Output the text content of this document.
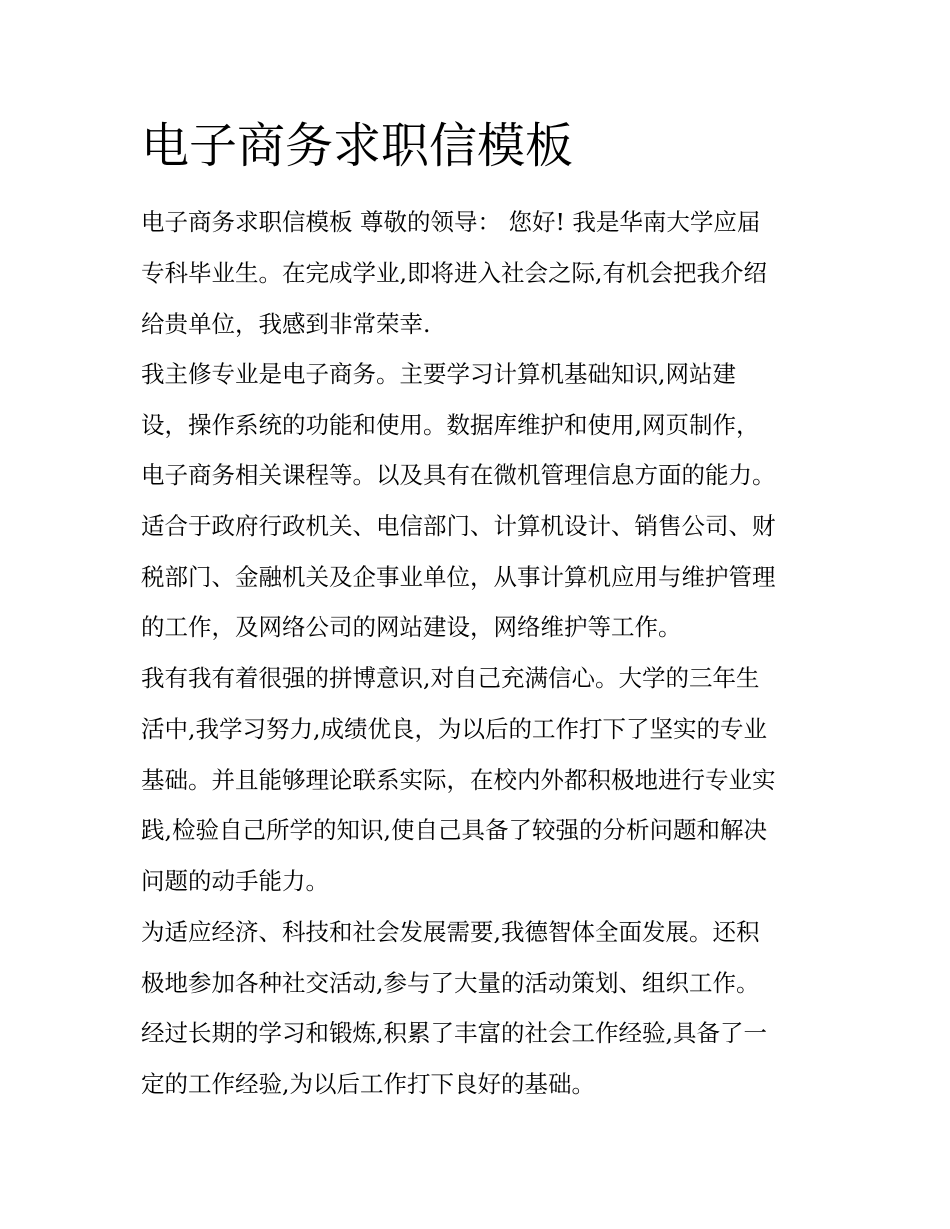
电子商务求职信模板

电子商务求职信模板 尊敬的领导： 您好! 我是华南大学应届

专科毕业生。在完成学业,即将进入社会之际,有机会把我介绍

给贵单位，我感到非常荣幸.

我主修专业是电子商务。主要学习计算机基础知识,网站建

设，操作系统的功能和使用。数据库维护和使用,网页制作，

电子商务相关课程等。以及具有在微机管理信息方面的能力。

适合于政府行政机关、电信部门、计算机设计、销售公司、财

税部门、金融机关及企事业单位，从事计算机应用与维护管理

的工作，及网络公司的网站建设，网络维护等工作。

我有我有着很强的拼博意识,对自己充满信心。大学的三年生

活中,我学习努力,成绩优良，为以后的工作打下了坚实的专业

基础。并且能够理论联系实际，在校内外都积极地进行专业实

践,检验自己所学的知识,使自己具备了较强的分析问题和解决

问题的动手能力。

为适应经济、科技和社会发展需要,我德智体全面发展。还积

极地参加各种社交活动,参与了大量的活动策划、组织工作。

经过长期的学习和锻炼,积累了丰富的社会工作经验,具备了一

定的工作经验,为以后工作打下良好的基础。
